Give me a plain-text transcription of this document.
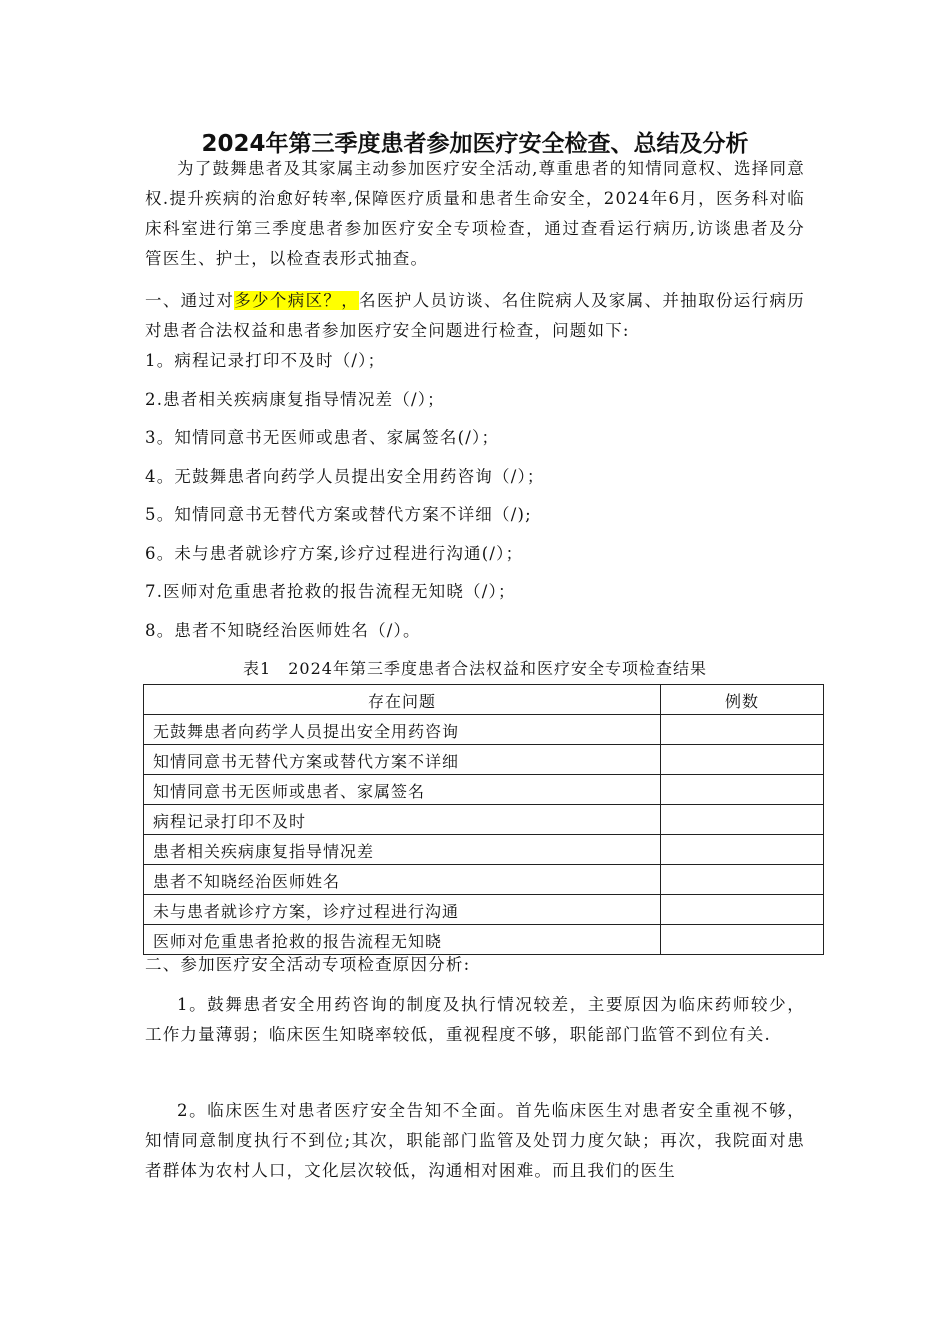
2024年第三季度患者参加医疗安全检查、总结及分析

为了鼓舞患者及其家属主动参加医疗安全活动,尊重患者的知情同意权、选择同意权.提升疾病的治愈好转率,保障医疗质量和患者生命安全，2024年6月，医务科对临床科室进行第三季度患者参加医疗安全专项检查，通过查看运行病历,访谈患者及分管医生、护士，以检查表形式抽查。

一、通过对多少个病区？，名医护人员访谈、名住院病人及家属、并抽取份运行病历对患者合法权益和患者参加医疗安全问题进行检查，问题如下:

1。病程记录打印不及时（/）；
2.患者相关疾病康复指导情况差（/）；
3。知情同意书无医师或患者、家属签名(/）；
4。无鼓舞患者向药学人员提出安全用药咨询（/）；
5。知情同意书无替代方案或替代方案不详细（/);
6。未与患者就诊疗方案,诊疗过程进行沟通(/）；
7.医师对危重患者抢救的报告流程无知晓（/）；
8。患者不知晓经治医师姓名（/）。
表1　2024年第三季度患者合法权益和医疗安全专项检查结果
存在问题	例数
无鼓舞患者向药学人员提出安全用药咨询	
知情同意书无替代方案或替代方案不详细	
知情同意书无医师或患者、家属签名	
病程记录打印不及时	
患者相关疾病康复指导情况差	
患者不知晓经治医师姓名	
未与患者就诊疗方案，诊疗过程进行沟通	
医师对危重患者抢救的报告流程无知晓	
二、参加医疗安全活动专项检查原因分析:

1。鼓舞患者安全用药咨询的制度及执行情况较差，主要原因为临床药师较少，工作力量薄弱；临床医生知晓率较低，重视程度不够，职能部门监管不到位有关.

2。临床医生对患者医疗安全告知不全面。首先临床医生对患者安全重视不够，知情同意制度执行不到位;其次，职能部门监管及处罚力度欠缺；再次，我院面对患者群体为农村人口，文化层次较低，沟通相对困难。而且我们的医生
